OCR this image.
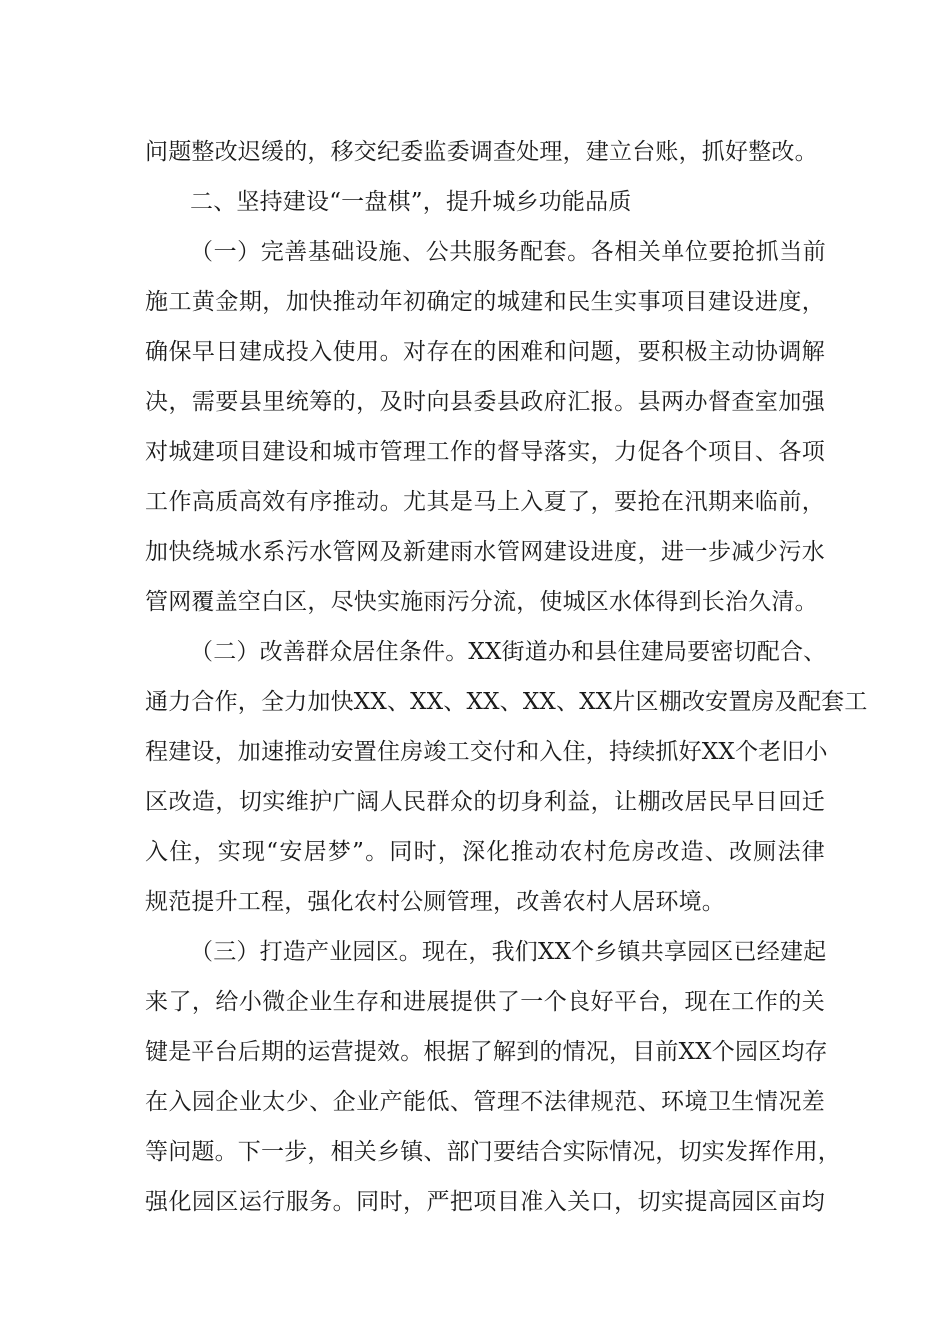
问题整改迟缓的，移交纪委监委调查处理，建立台账，抓好整改。
二、坚持建设“一盘棋”，提升城乡功能品质
（一）完善基础设施、公共服务配套。各相关单位要抢抓当前
施工黄金期，加快推动年初确定的城建和民生实事项目建设进度，
确保早日建成投入使用。对存在的困难和问题，要积极主动协调解
决，需要县里统筹的，及时向县委县政府汇报。县两办督查室加强
对城建项目建设和城市管理工作的督导落实，力促各个项目、各项
工作高质高效有序推动。尤其是马上入夏了，要抢在汛期来临前，
加快绕城水系污水管网及新建雨水管网建设进度，进一步减少污水
管网覆盖空白区，尽快实施雨污分流，使城区水体得到长治久清。
（二）改善群众居住条件。XX街道办和县住建局要密切配合、
通力合作，全力加快XX、XX、XX、XX、XX片区棚改安置房及配套工
程建设，加速推动安置住房竣工交付和入住，持续抓好XX个老旧小
区改造，切实维护广阔人民群众的切身利益，让棚改居民早日回迁
入住，实现“安居梦”。同时，深化推动农村危房改造、改厕法律
规范提升工程，强化农村公厕管理，改善农村人居环境。
（三）打造产业园区。现在，我们XX个乡镇共享园区已经建起
来了，给小微企业生存和进展提供了一个良好平台，现在工作的关
键是平台后期的运营提效。根据了解到的情况，目前XX个园区均存
在入园企业太少、企业产能低、管理不法律规范、环境卫生情况差
等问题。下一步，相关乡镇、部门要结合实际情况，切实发挥作用，
强化园区运行服务。同时，严把项目准入关口，切实提高园区亩均
